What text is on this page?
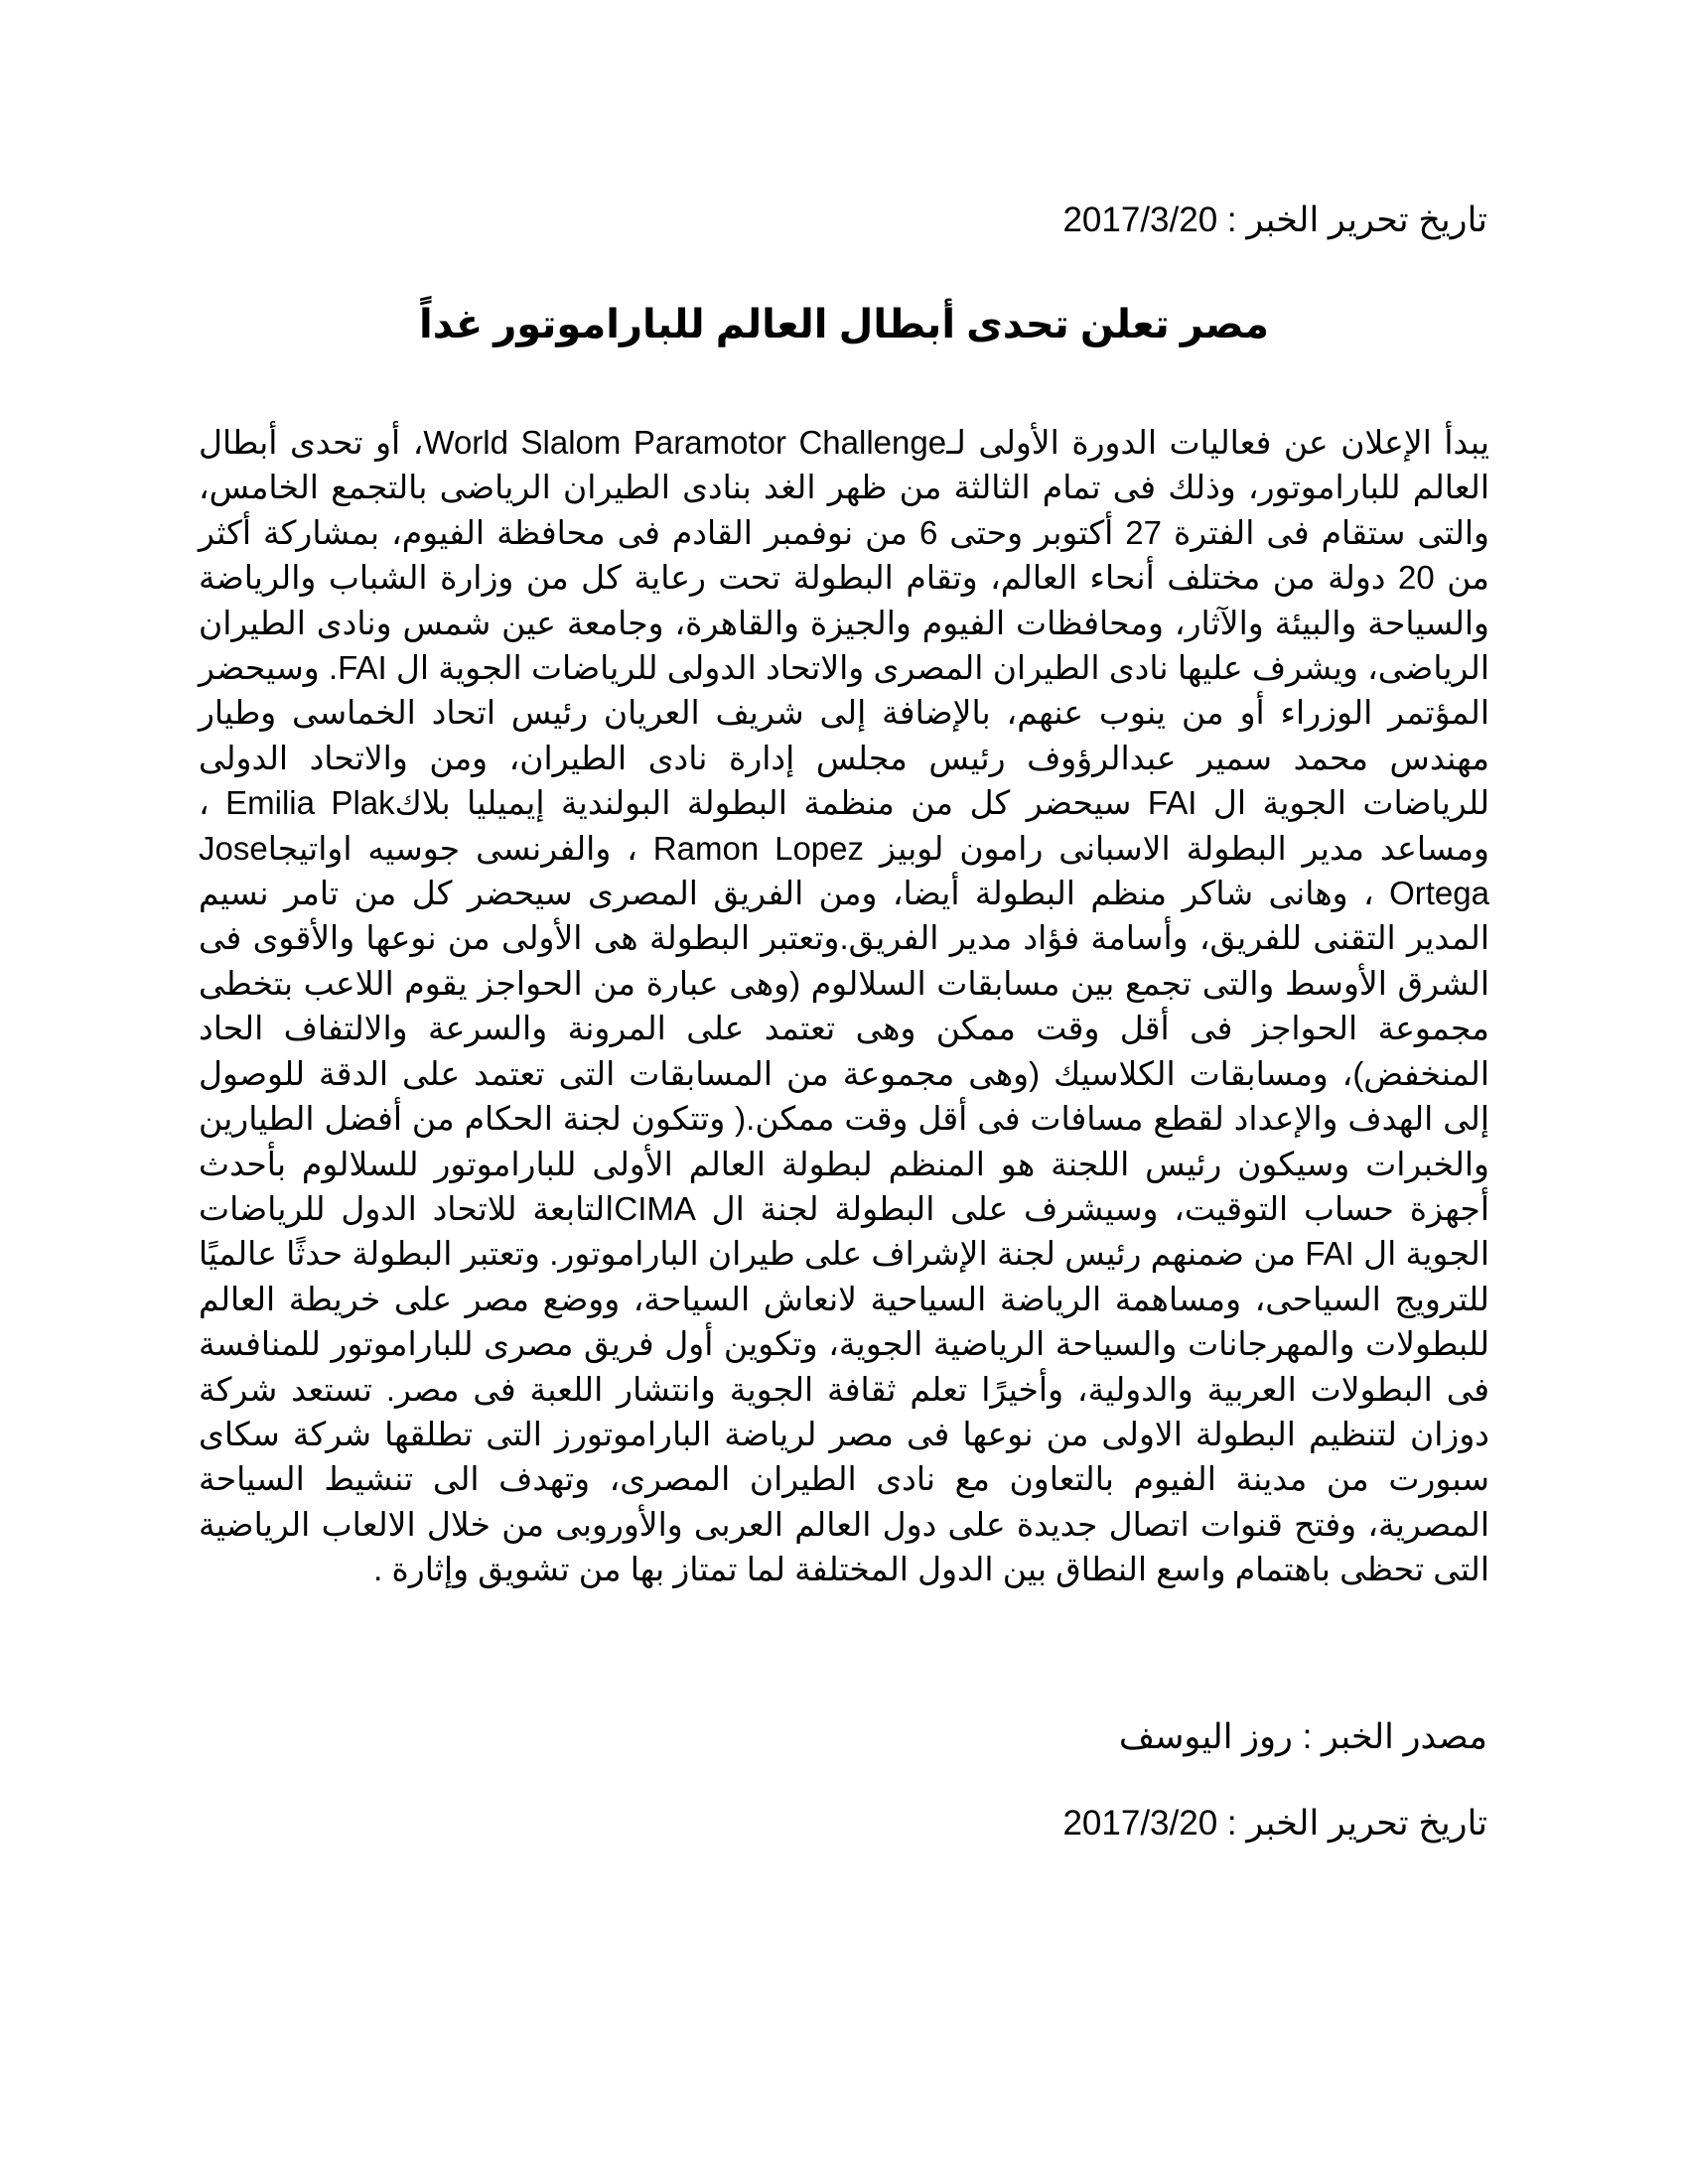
تاريخ تحرير الخبر : 2017/3/20
مصر تعلن تحدى أبطال العالم للباراموتور غداً

يبدأ الإعلان عن فعاليات الدورة الأولى لـWorld Slalom Paramotor Challenge، أو تحدى أبطال العالم للباراموتور، وذلك فى تمام الثالثة من ظهر الغد بنادى الطيران الرياضى بالتجمع الخامس، والتى ستقام فى الفترة 27 أكتوبر وحتى 6 من نوفمبر القادم فى محافظة الفيوم، بمشاركة أكثر من 20 دولة من مختلف أنحاء العالم، وتقام البطولة تحت رعاية كل من وزارة الشباب والرياضة والسياحة والبيئة والآثار، ومحافظات الفيوم والجيزة والقاهرة، وجامعة عين شمس ونادى الطيران الرياضى، ويشرف عليها نادى الطيران المصرى والاتحاد الدولى للرياضات الجوية ال FAI. وسيحضر المؤتمر الوزراء أو من ينوب عنهم، بالإضافة إلى شريف العريان رئيس اتحاد الخماسى وطيار مهندس محمد سمير عبدالرؤوف رئيس مجلس إدارة نادى الطيران، ومن والاتحاد الدولى للرياضات الجوية ال FAI سيحضر كل من منظمة البطولة البولندية إيميليا بلاكEmilia Plak ، ومساعد مدير البطولة الاسبانى رامون لوبيز Ramon Lopez ، والفرنسى جوسيه اواتيجاJose Ortega ، وهانى شاكر منظم البطولة أيضا، ومن الفريق المصرى سيحضر كل من تامر نسيم المدير التقنى للفريق، وأسامة فؤاد مدير الفريق.وتعتبر البطولة هى الأولى من نوعها والأقوى فى الشرق الأوسط والتى تجمع بين مسابقات السلالوم (وهى عبارة من الحواجز يقوم اللاعب بتخطى مجموعة الحواجز فى أقل وقت ممكن وهى تعتمد على المرونة والسرعة والالتفاف الحاد المنخفض)، ومسابقات الكلاسيك (وهى مجموعة من المسابقات التى تعتمد على الدقة للوصول إلى الهدف والإعداد لقطع مسافات فى أقل وقت ممكن.( وتتكون لجنة الحكام من أفضل الطيارين والخبرات وسيكون رئيس اللجنة هو المنظم لبطولة العالم الأولى للباراموتور للسلالوم بأحدث أجهزة حساب التوقيت، وسيشرف على البطولة لجنة ال CIMAالتابعة للاتحاد الدول للرياضات الجوية ال FAI من ضمنهم رئيس لجنة الإشراف على طيران الباراموتور. وتعتبر البطولة حدثًا عالميًا للترويج السياحى، ومساهمة الرياضة السياحية لانعاش السياحة، ووضع مصر على خريطة العالم للبطولات والمهرجانات والسياحة الرياضية الجوية، وتكوين أول فريق مصرى للباراموتور للمنافسة فى البطولات العربية والدولية، وأخيرًا تعلم ثقافة الجوية وانتشار اللعبة فى مصر. تستعد شركة دوزان لتنظيم البطولة الاولى من نوعها فى مصر لرياضة الباراموتورز التى تطلقها شركة سكاى سبورت من مدينة الفيوم بالتعاون مع نادى الطيران المصرى، وتهدف الى تنشيط السياحة المصرية، وفتح قنوات اتصال جديدة على دول العالم العربى والأوروبى من خلال الالعاب الرياضية التى تحظى باهتمام واسع النطاق بين الدول المختلفة لما تمتاز بها من تشويق وإثارة .

مصدر الخبر : روز اليوسف
تاريخ تحرير الخبر : 2017/3/20
